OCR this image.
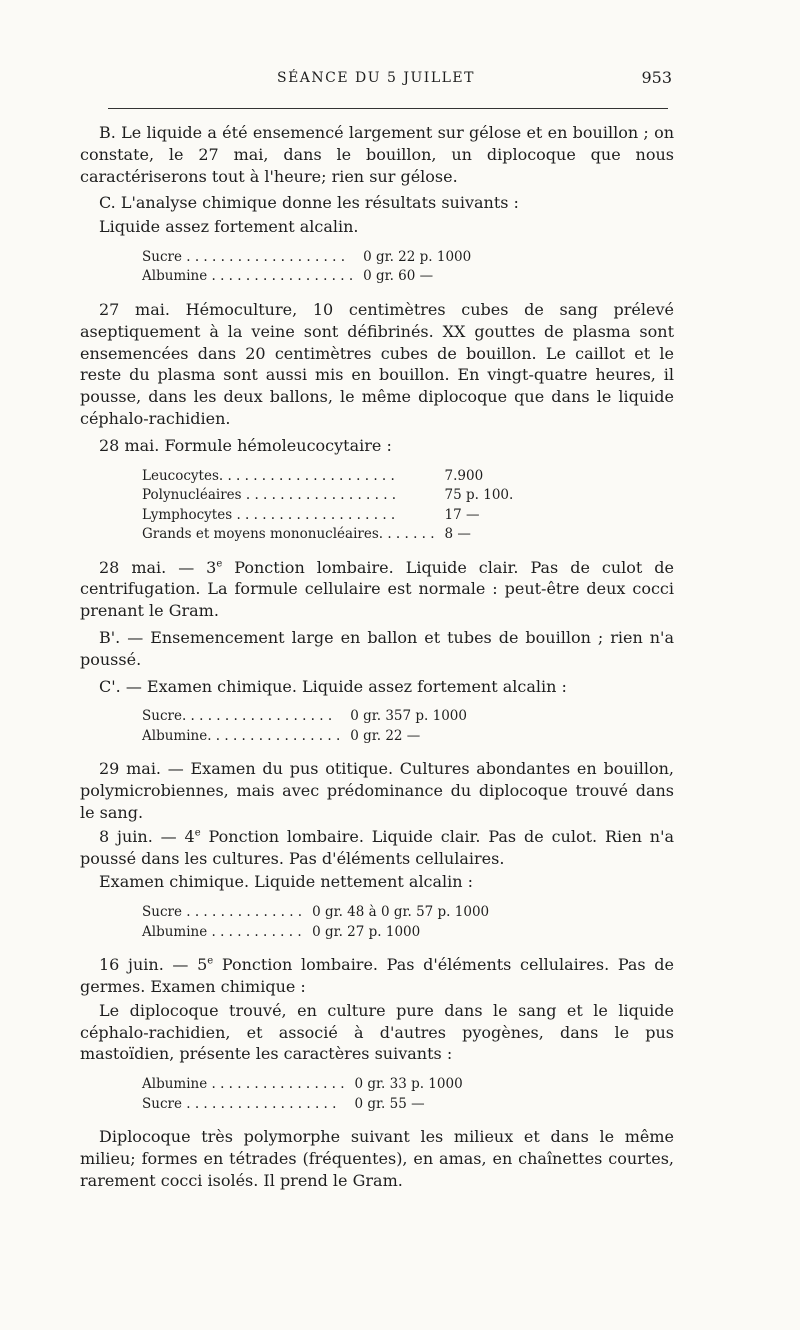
SÉANCE DU 5 JUILLET	953

B. Le liquide a été ensemencé largement sur gélose et en bouillon ; on constate, le 27 mai, dans le bouillon, un diplocoque que nous caractériserons tout à l'heure; rien sur gélose.

C. L'analyse chimique donne les résultats suivants :

Liquide assez fortement alcalin.

Sucre . . . . . . . . . . . . . . . . . . .	0 gr. 22 p. 1000
Albumine . . . . . . . . . . . . . . . . .	0 gr. 60 —

27 mai. Hémoculture, 10 centimètres cubes de sang prélevé aseptiquement à la veine sont défibrinés. XX gouttes de plasma sont ensemencées dans 20 centimètres cubes de bouillon. Le caillot et le reste du plasma sont aussi mis en bouillon. En vingt-quatre heures, il pousse, dans les deux ballons, le même diplocoque que dans le liquide céphalo-rachidien.

28 mai. Formule hémoleucocytaire :

Leucocytes. . . . . . . . . . . . . . . . . . . . .	7.900
Polynucléaires . . . . . . . . . . . . . . . . . .	75 p. 100.
Lymphocytes . . . . . . . . . . . . . . . . . . .	17 —
Grands et moyens mononucléaires. . . . . . .	8 —

28 mai. — 3e Ponction lombaire. Liquide clair. Pas de culot de centrifugation. La formule cellulaire est normale : peut-être deux cocci prenant le Gram.

B'. — Ensemencement large en ballon et tubes de bouillon ; rien n'a poussé.

C'. — Examen chimique. Liquide assez fortement alcalin :

Sucre. . . . . . . . . . . . . . . . . .	0 gr. 357 p. 1000
Albumine. . . . . . . . . . . . . . . .	0 gr. 22 —

29 mai. — Examen du pus otitique. Cultures abondantes en bouillon, polymicrobiennes, mais avec prédominance du diplocoque trouvé dans le sang.

8 juin. — 4e Ponction lombaire. Liquide clair. Pas de culot. Rien n'a poussé dans les cultures. Pas d'éléments cellulaires.

Examen chimique. Liquide nettement alcalin :

Sucre . . . . . . . . . . . . . .	0 gr. 48 à 0 gr. 57 p. 1000
Albumine . . . . . . . . . . .	0 gr. 27 p. 1000

16 juin. — 5e Ponction lombaire. Pas d'éléments cellulaires. Pas de germes. Examen chimique :

Le diplocoque trouvé, en culture pure dans le sang et le liquide céphalo-rachidien, et associé à d'autres pyogènes, dans le pus mastoïdien, présente les caractères suivants :

Albumine . . . . . . . . . . . . . . . .	0 gr. 33 p. 1000
Sucre . . . . . . . . . . . . . . . . . .	0 gr. 55 —

Diplocoque très polymorphe suivant les milieux et dans le même milieu; formes en tétrades (fréquentes), en amas, en chaînettes courtes, rarement cocci isolés. Il prend le Gram.
